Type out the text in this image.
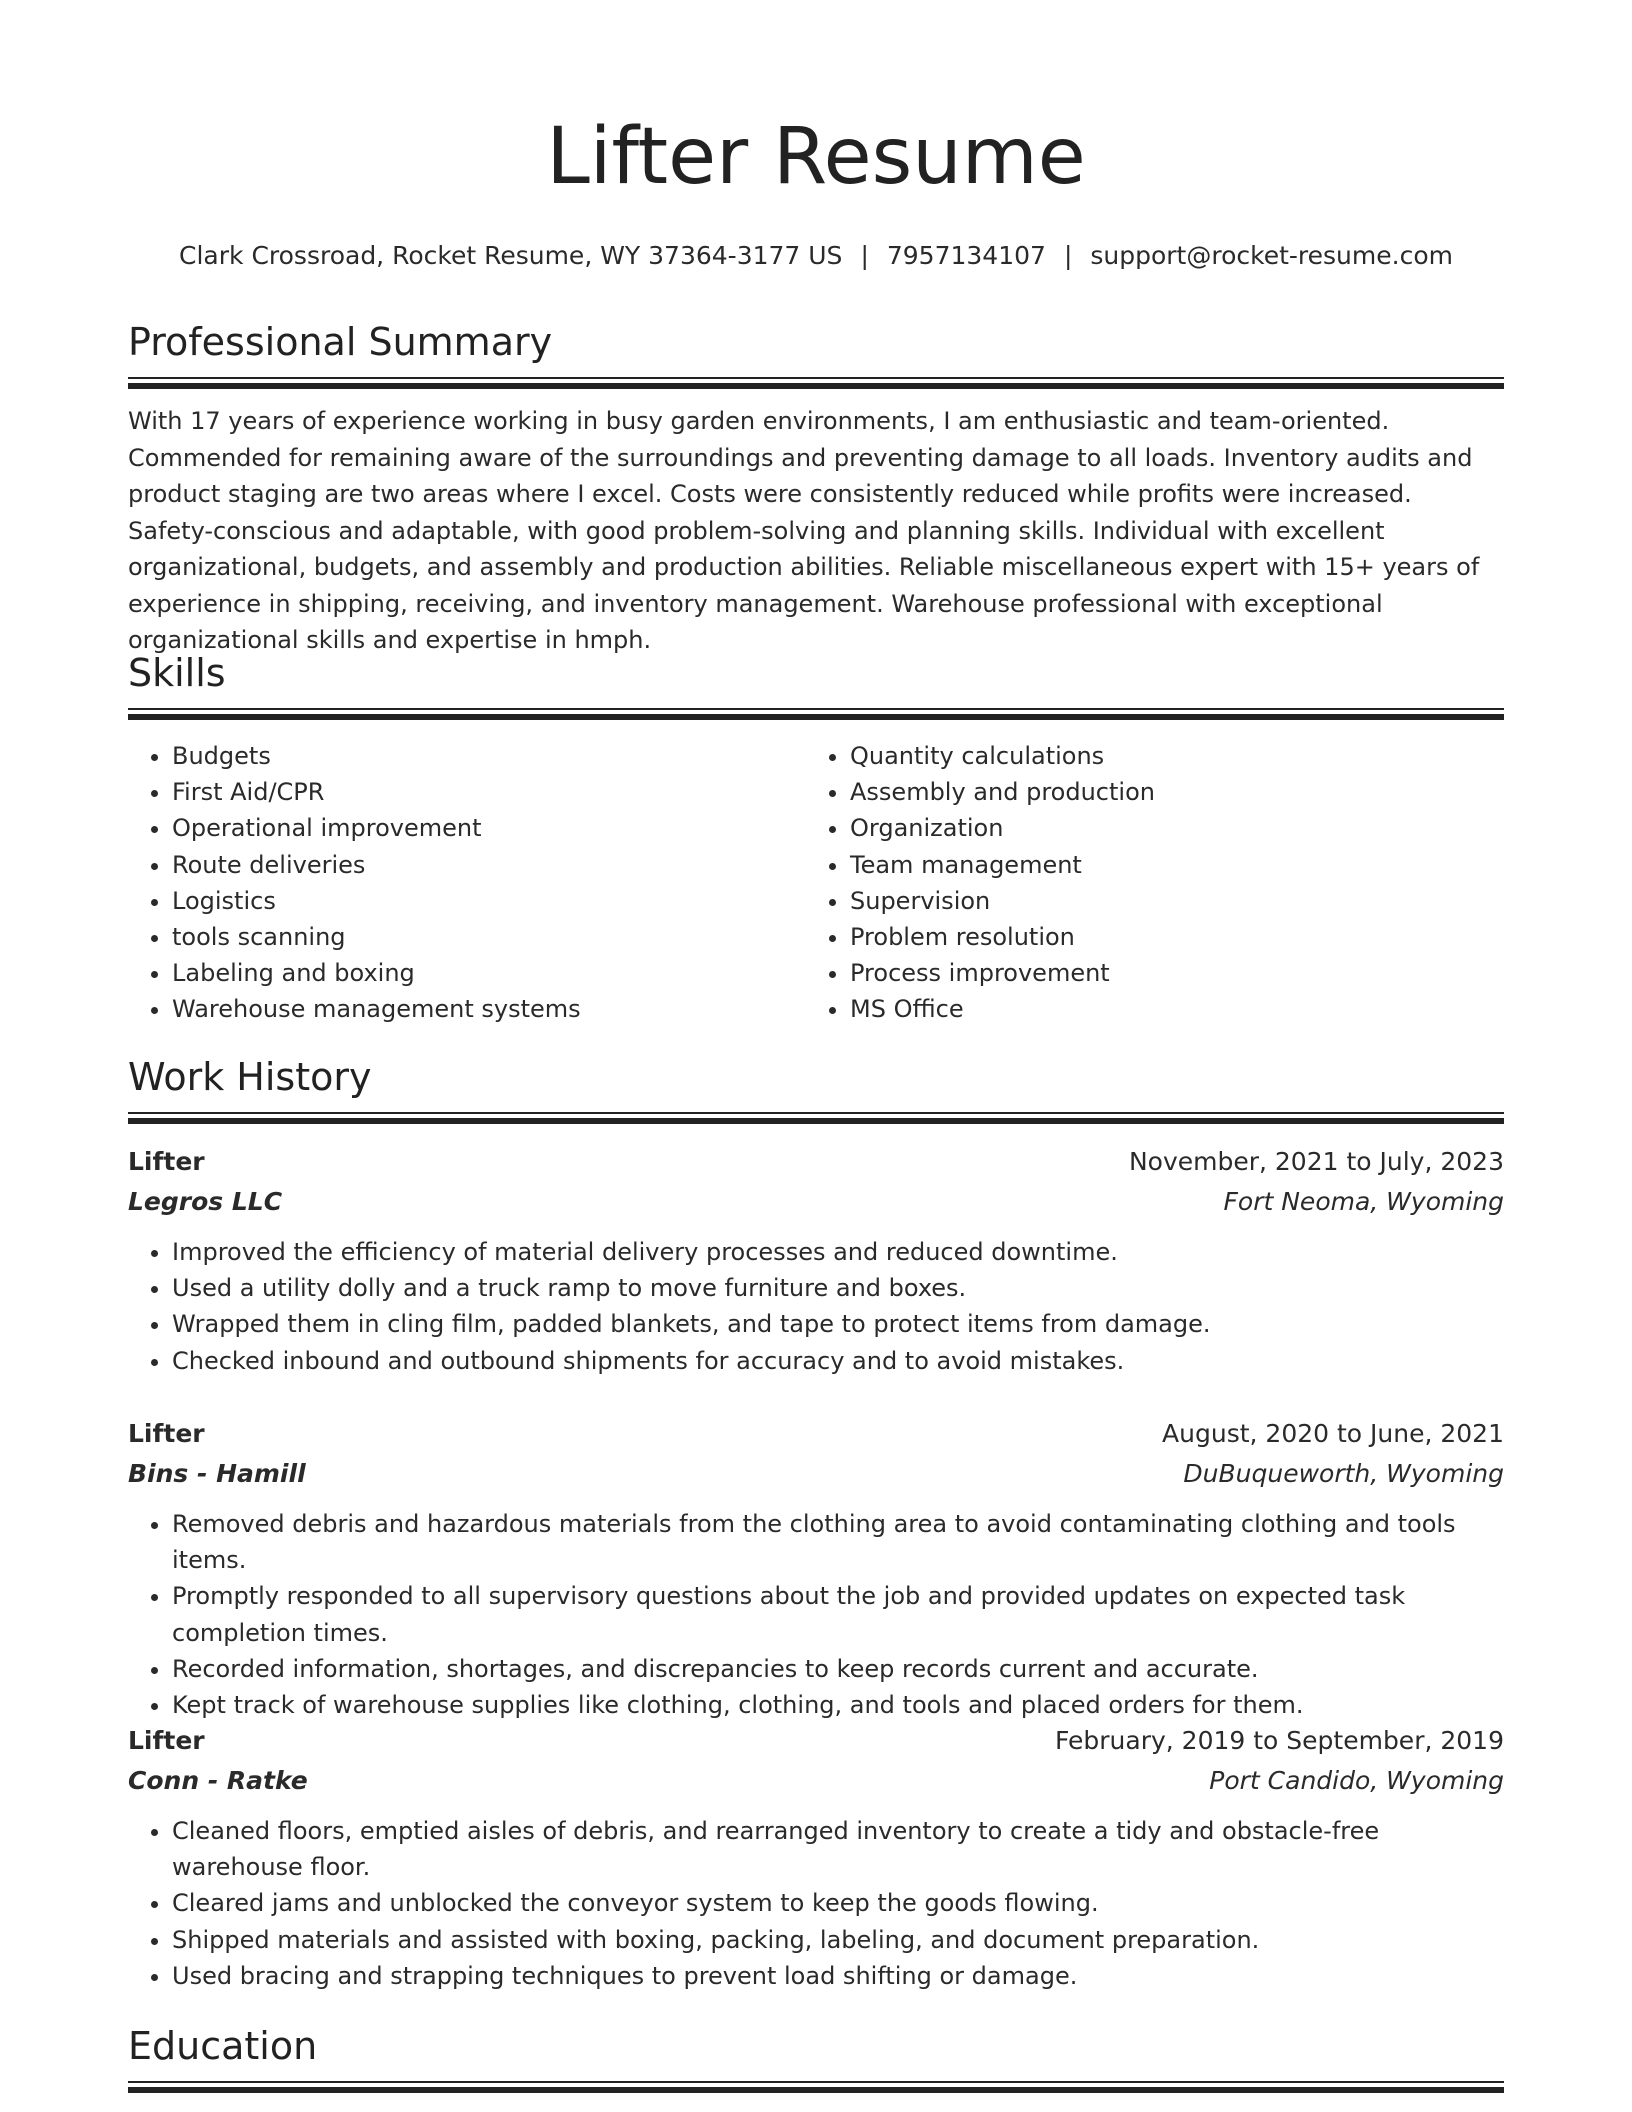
Lifter Resume
Clark Crossroad, Rocket Resume, WY 37364-3177 US | 7957134107 | support@rocket-resume.com
Professional Summary

With 17 years of experience working in busy garden environments, I am enthusiastic and team-oriented. Commended for remaining aware of the surroundings and preventing damage to all loads. Inventory audits and product staging are two areas where I excel. Costs were consistently reduced while profits were increased. Safety-conscious and adaptable, with good problem-solving and planning skills. Individual with excellent organizational, budgets, and assembly and production abilities. Reliable miscellaneous expert with 15+ years of experience in shipping, receiving, and inventory management. Warehouse professional with exceptional organizational skills and expertise in hmph.

Skills
• Budgets
• First Aid/CPR
• Operational improvement
• Route deliveries
• Logistics
• tools scanning
• Labeling and boxing
• Warehouse management systems
• Quantity calculations
• Assembly and production
• Organization
• Team management
• Supervision
• Problem resolution
• Process improvement
• MS Office
Work History
Lifter	November, 2021 to July, 2023
Legros LLC	Fort Neoma, Wyoming
• Improved the efficiency of material delivery processes and reduced downtime.
• Used a utility dolly and a truck ramp to move furniture and boxes.
• Wrapped them in cling film, padded blankets, and tape to protect items from damage.
• Checked inbound and outbound shipments for accuracy and to avoid mistakes.
Lifter	August, 2020 to June, 2021
Bins - Hamill	DuBuqueworth, Wyoming
• Removed debris and hazardous materials from the clothing area to avoid contaminating clothing and tools items.
• Promptly responded to all supervisory questions about the job and provided updates on expected task completion times.
• Recorded information, shortages, and discrepancies to keep records current and accurate.
• Kept track of warehouse supplies like clothing, clothing, and tools and placed orders for them.
Lifter	February, 2019 to September, 2019
Conn - Ratke	Port Candido, Wyoming
• Cleaned floors, emptied aisles of debris, and rearranged inventory to create a tidy and obstacle-free warehouse floor.
• Cleared jams and unblocked the conveyor system to keep the goods flowing.
• Shipped materials and assisted with boxing, packing, labeling, and document preparation.
• Used bracing and strapping techniques to prevent load shifting or damage.
Education
